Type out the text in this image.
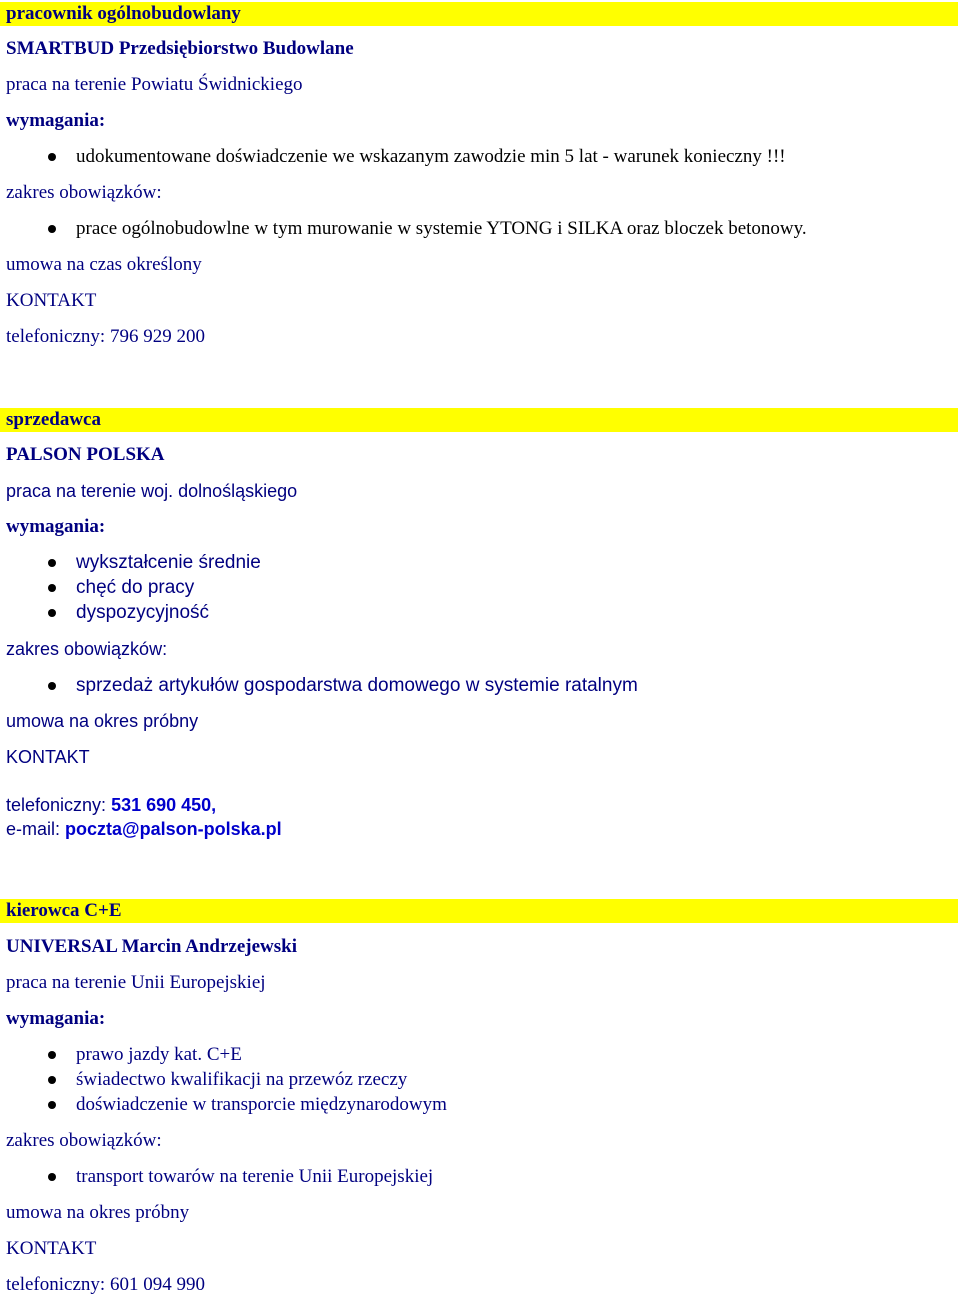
pracownik ogólnobudowlany
SMARTBUD Przedsiębiorstwo Budowlane
praca na terenie Powiatu Świdnickiego
wymagania:
udokumentowane doświadczenie we wskazanym zawodzie min 5 lat - warunek konieczny !!!
zakres obowiązków:
prace ogólnobudowlne w tym murowanie w systemie YTONG i SILKA oraz bloczek betonowy.
umowa na czas określony
KONTAKT
telefoniczny: 796 929 200
sprzedawca
PALSON POLSKA
praca na terenie woj. dolnośląskiego
wymagania:
wykształcenie średnie
chęć do pracy
dyspozycyjność
zakres obowiązków:
sprzedaż artykułów gospodarstwa domowego w systemie ratalnym
umowa na okres próbny
KONTAKT
telefoniczny: 531 690 450,
e-mail: poczta@palson-polska.pl
kierowca C+E
UNIVERSAL Marcin Andrzejewski
praca na terenie Unii Europejskiej
wymagania:
prawo jazdy kat. C+E
świadectwo kwalifikacji na przewóz rzeczy
doświadczenie w transporcie międzynarodowym
zakres obowiązków:
transport towarów na terenie Unii Europejskiej
umowa na okres próbny
KONTAKT
telefoniczny: 601 094 990
